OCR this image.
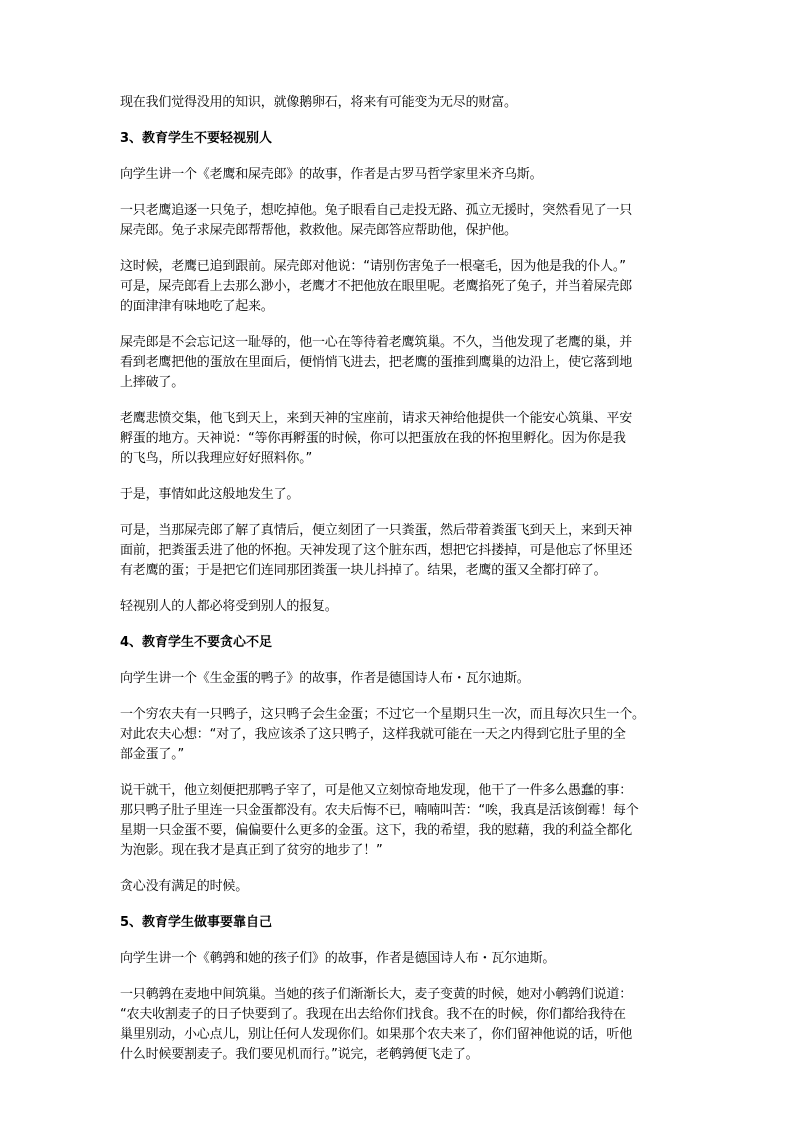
现在我们觉得没用的知识，就像鹅卵石，将来有可能变为无尽的财富。
3、教育学生不要轻视别人
向学生讲一个《老鹰和屎壳郎》的故事，作者是古罗马哲学家里米齐乌斯。
一只老鹰追逐一只兔子，想吃掉他。兔子眼看自己走投无路、孤立无援时，突然看见了一只
屎壳郎。兔子求屎壳郎帮帮他，救救他。屎壳郎答应帮助他，保护他。
这时候，老鹰已追到跟前。屎壳郎对他说：“请别伤害兔子一根毫毛，因为他是我的仆人。”
可是，屎壳郎看上去那么渺小，老鹰才不把他放在眼里呢。老鹰掐死了兔子，并当着屎壳郎
的面津津有味地吃了起来。
屎壳郎是不会忘记这一耻辱的，他一心在等待着老鹰筑巢。不久，当他发现了老鹰的巢，并
看到老鹰把他的蛋放在里面后，便悄悄飞进去，把老鹰的蛋推到鹰巢的边沿上，使它落到地
上摔破了。
老鹰悲愤交集，他飞到天上，来到天神的宝座前，请求天神给他提供一个能安心筑巢、平安
孵蛋的地方。天神说：“等你再孵蛋的时候，你可以把蛋放在我的怀抱里孵化。因为你是我
的飞鸟，所以我理应好好照料你。”
于是，事情如此这般地发生了。
可是，当那屎壳郎了解了真情后，便立刻团了一只粪蛋，然后带着粪蛋飞到天上，来到天神
面前，把粪蛋丢进了他的怀抱。天神发现了这个脏东西，想把它抖搂掉，可是他忘了怀里还
有老鹰的蛋；于是把它们连同那团粪蛋一块儿抖掉了。结果，老鹰的蛋又全都打碎了。
轻视别人的人都必将受到别人的报复。
4、教育学生不要贪心不足
向学生讲一个《生金蛋的鸭子》的故事，作者是德国诗人布・瓦尔迪斯。
一个穷农夫有一只鸭子，这只鸭子会生金蛋；不过它一个星期只生一次，而且每次只生一个。
对此农夫心想：“对了，我应该杀了这只鸭子，这样我就可能在一天之内得到它肚子里的全
部金蛋了。”
说干就干，他立刻便把那鸭子宰了，可是他又立刻惊奇地发现，他干了一件多么愚蠢的事：
那只鸭子肚子里连一只金蛋都没有。农夫后悔不已，喃喃叫苦：“唉，我真是活该倒霉！每个
星期一只金蛋不要，偏偏要什么更多的金蛋。这下，我的希望，我的慰藉，我的利益全都化
为泡影。现在我才是真正到了贫穷的地步了！”
贪心没有满足的时候。
5、教育学生做事要靠自己
向学生讲一个《鹌鹑和她的孩子们》的故事，作者是德国诗人布・瓦尔迪斯。
一只鹌鹑在麦地中间筑巢。当她的孩子们渐渐长大，麦子变黄的时候，她对小鹌鹑们说道：
“农夫收割麦子的日子快要到了。我现在出去给你们找食。我不在的时候，你们都给我待在
巢里别动，小心点儿，别让任何人发现你们。如果那个农夫来了，你们留神他说的话，听他
什么时候要割麦子。我们要见机而行。”说完，老鹌鹑便飞走了。
